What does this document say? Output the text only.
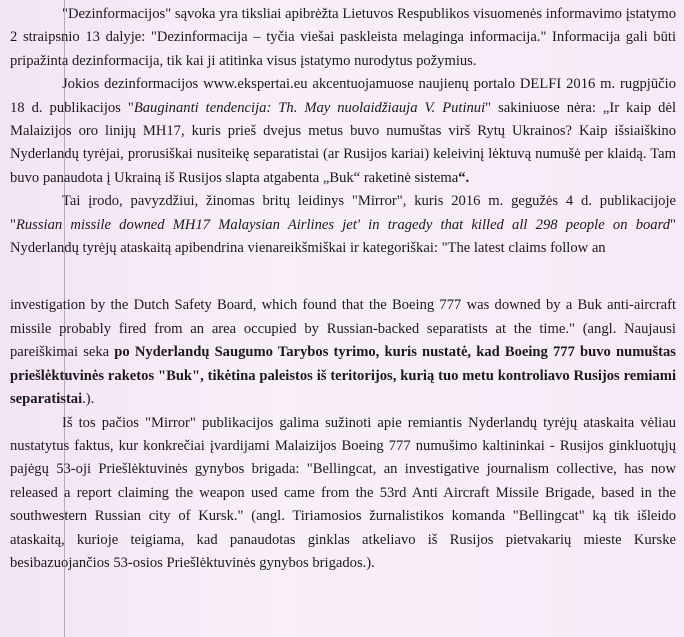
"Dezinformacijos" sąvoka yra tiksliai apibrėžta Lietuvos Respublikos visuomenės informavimo įstatymo 2 straipsnio 13 dalyje: "Dezinformacija – tyčia viešai paskleista melaginga informacija." Informacija gali būti pripažinta dezinformacija, tik kai ji atitinka visus įstatymo nurodytus požymius.

Jokios dezinformacijos www.ekspertai.eu akcentuojamuose naujienų portalo DELFI 2016 m. rugpjūčio 18 d. publikacijos "Bauginanti tendencija: Th. May nuolaidžiauja V. Putinui" sakiniuose nėra: „Ir kaip dėl Malaizijos oro linijų MH17, kuris prieš dvejus metus buvo numuštas virš Rytų Ukrainos? Kaip išsiaiškino Nyderlandų tyrėjai, prorusiškai nusiteikę separatistai (ar Rusijos kariai) keleivinį lėktuvą numušė per klaidą. Tam buvo panaudota į Ukrainą iš Rusijos slapta atgabenta „Buk“ raketinė sistema“.

Tai įrodo, pavyzdžiui, žinomas britų leidinys "Mirror", kuris 2016 m. gegužės 4 d. publikacijoje "Russian missile downed MH17 Malaysian Airlines jet' in tragedy that killed all 298 people on board" Nyderlandų tyrėjų ataskaitą apibendrina vienareikšmiškai ir kategoriškai: "The latest claims follow an

investigation by the Dutch Safety Board, which found that the Boeing 777 was downed by a Buk anti-aircraft missile probably fired from an area occupied by Russian-backed separatists at the time." (angl. Naujausi pareiškimai seka po Nyderlandų Saugumo Tarybos tyrimo, kuris nustatė, kad Boeing 777 buvo numuštas priešlėktuvinės raketos "Buk", tikėtina paleistos iš teritorijos, kurią tuo metu kontroliavo Rusijos remiami separatistai.).

Iš tos pačios "Mirror" publikacijos galima sužinoti apie remiantis Nyderlandų tyrėjų ataskaita vėliau nustatytus faktus, kur konkrečiai įvardijami Malaizijos Boeing 777 numušimo kaltininkai - Rusijos ginkluotųjų pajėgų 53-oji Priešlėktuvinės gynybos brigada: "Bellingcat, an investigative journalism collective, has now released a report claiming the weapon used came from the 53rd Anti Aircraft Missile Brigade, based in the southwestern Russian city of Kursk." (angl. Tiriamosios žurnalistikos komanda "Bellingcat" ką tik išleido ataskaitą, kurioje teigiama, kad panaudotas ginklas atkeliavo iš Rusijos pietvakarių mieste Kurske besibazuojančios 53-osios Priešlėktuvinės gynybos brigados.).
